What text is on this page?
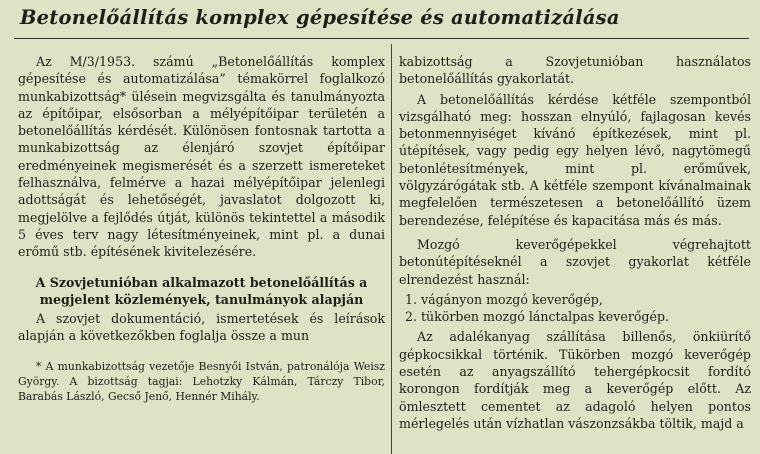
Betonelőállítás komplex gépesítése és automatizálása

Az M/3/1953. számú „Betonelőállítás komplex gépesítése és automatizálása” témakörrel foglalkozó munkabizottság* ülésein megvizsgálta és tanulmányozta az építőipar, elsősorban a mélyépítőipar területén a betonelőállítás kérdését. Különösen fontosnak tartotta a munkabizottság az élenjáró szovjet építőipar eredményeinek megismerését és a szerzett ismereteket felhasználva, felmérve a hazai mélyépítőipar jelenlegi adottságát és lehetőségét, javaslatot dolgozott ki, megjelölve a fejlődés útját, különös tekintettel a második 5 éves terv nagy létesítményeinek, mint pl. a dunai erőmű stb. építésének kivitelezésére.

A Szovjetunióban alkalmazott betonelőállítás a megjelent közlemények, tanulmányok alapján

A szovjet dokumentáció, ismertetések és leírások alapján a következőkben foglalja össze a mun

* A munkabizottság vezetője Besnyői István, patronálója Weisz György. A bizottság tagjai: Lehotzky Kálmán, Tárczy Tibor, Barabás László, Gecső Jenő, Hennér Mihály.

kabizottság a Szovjetunióban használatos betonelőállítás gyakorlatát.

A betonelőállítás kérdése kétféle szempontból vizsgálható meg: hosszan elnyúló, fajlagosan kevés betonmennyiséget kívánó építkezések, mint pl. útépítések, vagy pedig egy helyen lévő, nagytömegű betonlétesítmények, mint pl. erőművek, völgyzárógátak stb. A kétféle szempont kívánalmainak megfelelően természetesen a betonelőállító üzem berendezése, felépítése és kapacitása más és más.

Mozgó keverőgépekkel végrehajtott betonútépítéseknél a szovjet gyakorlat kétféle elrendezést használ:

1. vágányon mozgó keverőgép,
2. tükörben mozgó lánctalpas keverőgép.

Az adalékanyag szállítása billenős, önkiürítő gépkocsikkal történik. Tükörben mozgó keverőgép esetén az anyagszállító tehergépkocsit fordító korongon fordítják meg a keverőgép előtt. Az ömlesztett cementet az adagoló helyen pontos mérlegelés után vízhatlan vászonzsákba töltik, majd a
